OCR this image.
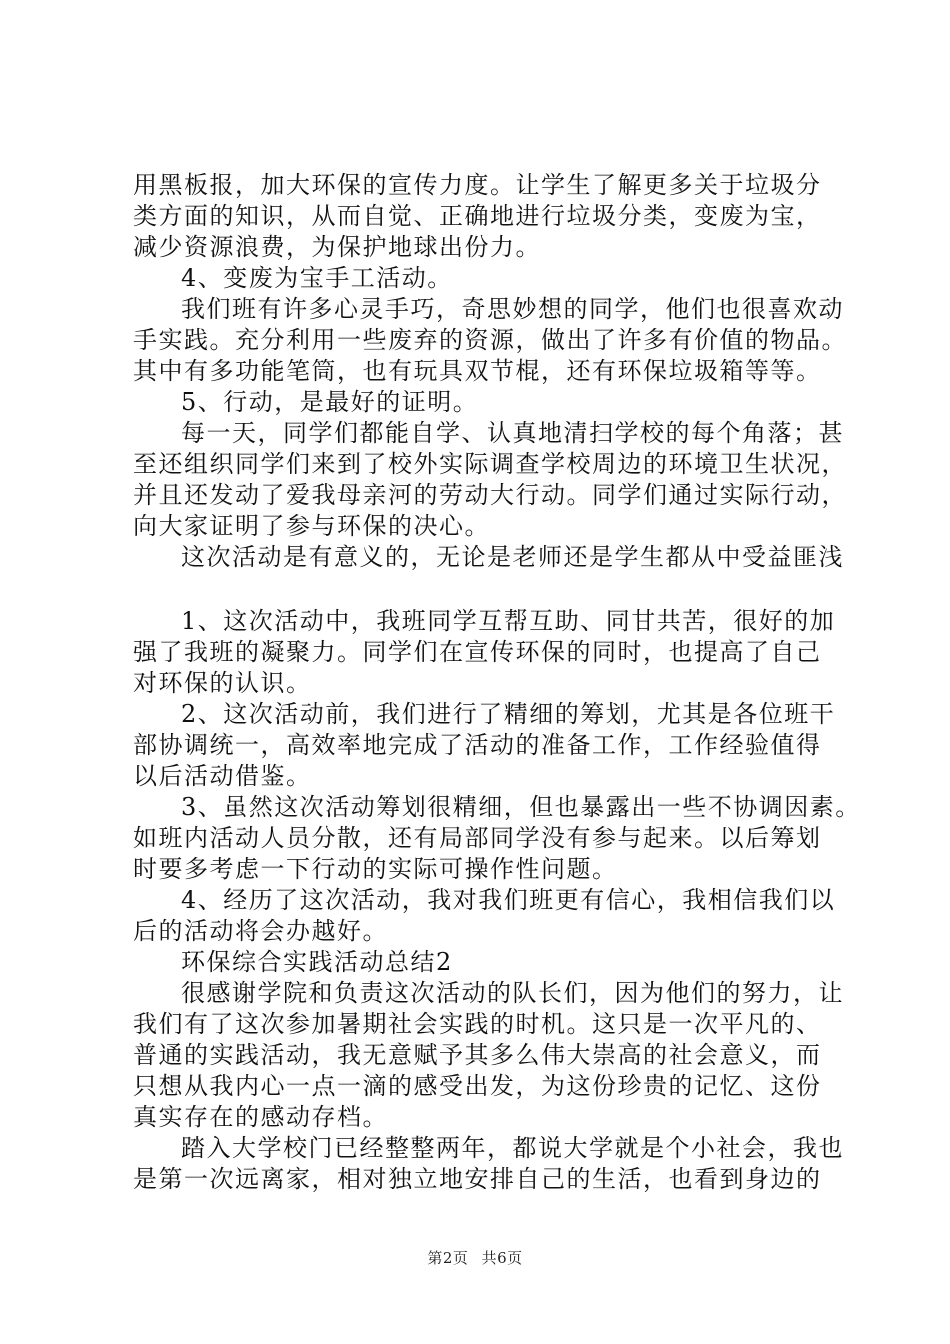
用黑板报，加大环保的宣传力度。让学生了解更多关于垃圾分
类方面的知识，从而自觉、正确地进行垃圾分类，变废为宝，
减少资源浪费，为保护地球出份力。
4、变废为宝手工活动。
我们班有许多心灵手巧，奇思妙想的同学，他们也很喜欢动
手实践。充分利用一些废弃的资源，做出了许多有价值的物品。
其中有多功能笔筒，也有玩具双节棍，还有环保垃圾箱等等。
5、行动，是最好的证明。
每一天，同学们都能自学、认真地清扫学校的每个角落；甚
至还组织同学们来到了校外实际调查学校周边的环境卫生状况，
并且还发动了爱我母亲河的劳动大行动。同学们通过实际行动，
向大家证明了参与环保的决心。
这次活动是有意义的，无论是老师还是学生都从中受益匪浅
1、这次活动中，我班同学互帮互助、同甘共苦，很好的加
强了我班的凝聚力。同学们在宣传环保的同时，也提高了自己
对环保的认识。
2、这次活动前，我们进行了精细的筹划，尤其是各位班干
部协调统一，高效率地完成了活动的准备工作，工作经验值得
以后活动借鉴。
3、虽然这次活动筹划很精细，但也暴露出一些不协调因素。
如班内活动人员分散，还有局部同学没有参与起来。以后筹划
时要多考虑一下行动的实际可操作性问题。
4、经历了这次活动，我对我们班更有信心，我相信我们以
后的活动将会办越好。
环保综合实践活动总结2
很感谢学院和负责这次活动的队长们，因为他们的努力，让
我们有了这次参加暑期社会实践的时机。这只是一次平凡的、
普通的实践活动，我无意赋予其多么伟大崇高的社会意义，而
只想从我内心一点一滴的感受出发，为这份珍贵的记忆、这份
真实存在的感动存档。
踏入大学校门已经整整两年，都说大学就是个小社会，我也
是第一次远离家，相对独立地安排自己的生活，也看到身边的
第2页 共6页
